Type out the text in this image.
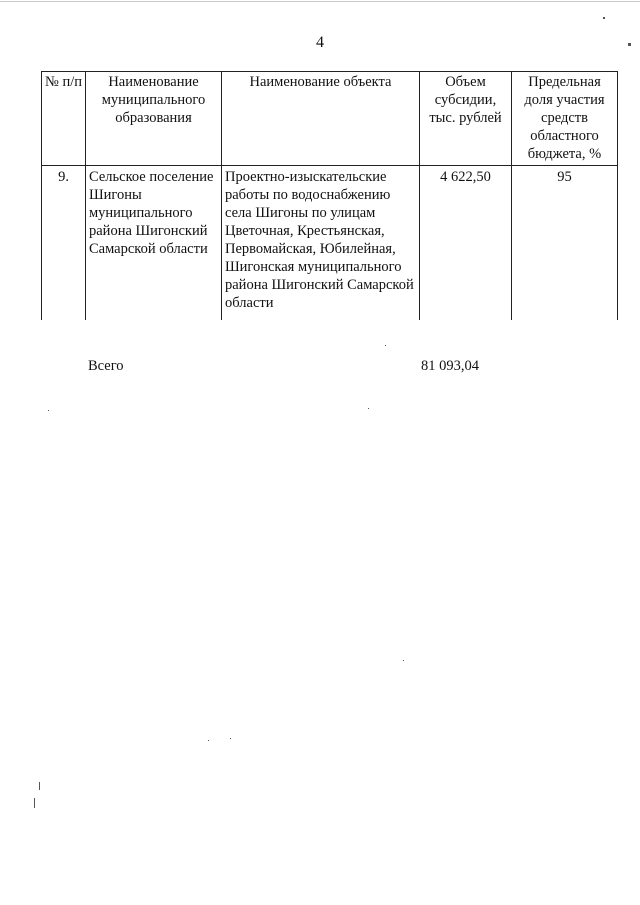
4
№ п/п	Наименование муниципального образования	Наименование объекта	Объем субсидии, тыс. рублей	Предельная доля участия средств областного бюджета, %
9.	Сельское поселение Шигоны муниципального района Шигонский Самарской области	Проектно-изыскательские работы по водоснабжению села Шигоны по улицам Цветочная, Крестьянская, Первомайская, Юбилейная, Шигонская муниципального района Шигонский Самарской области	4 622,50	95
Всего	81 093,04
